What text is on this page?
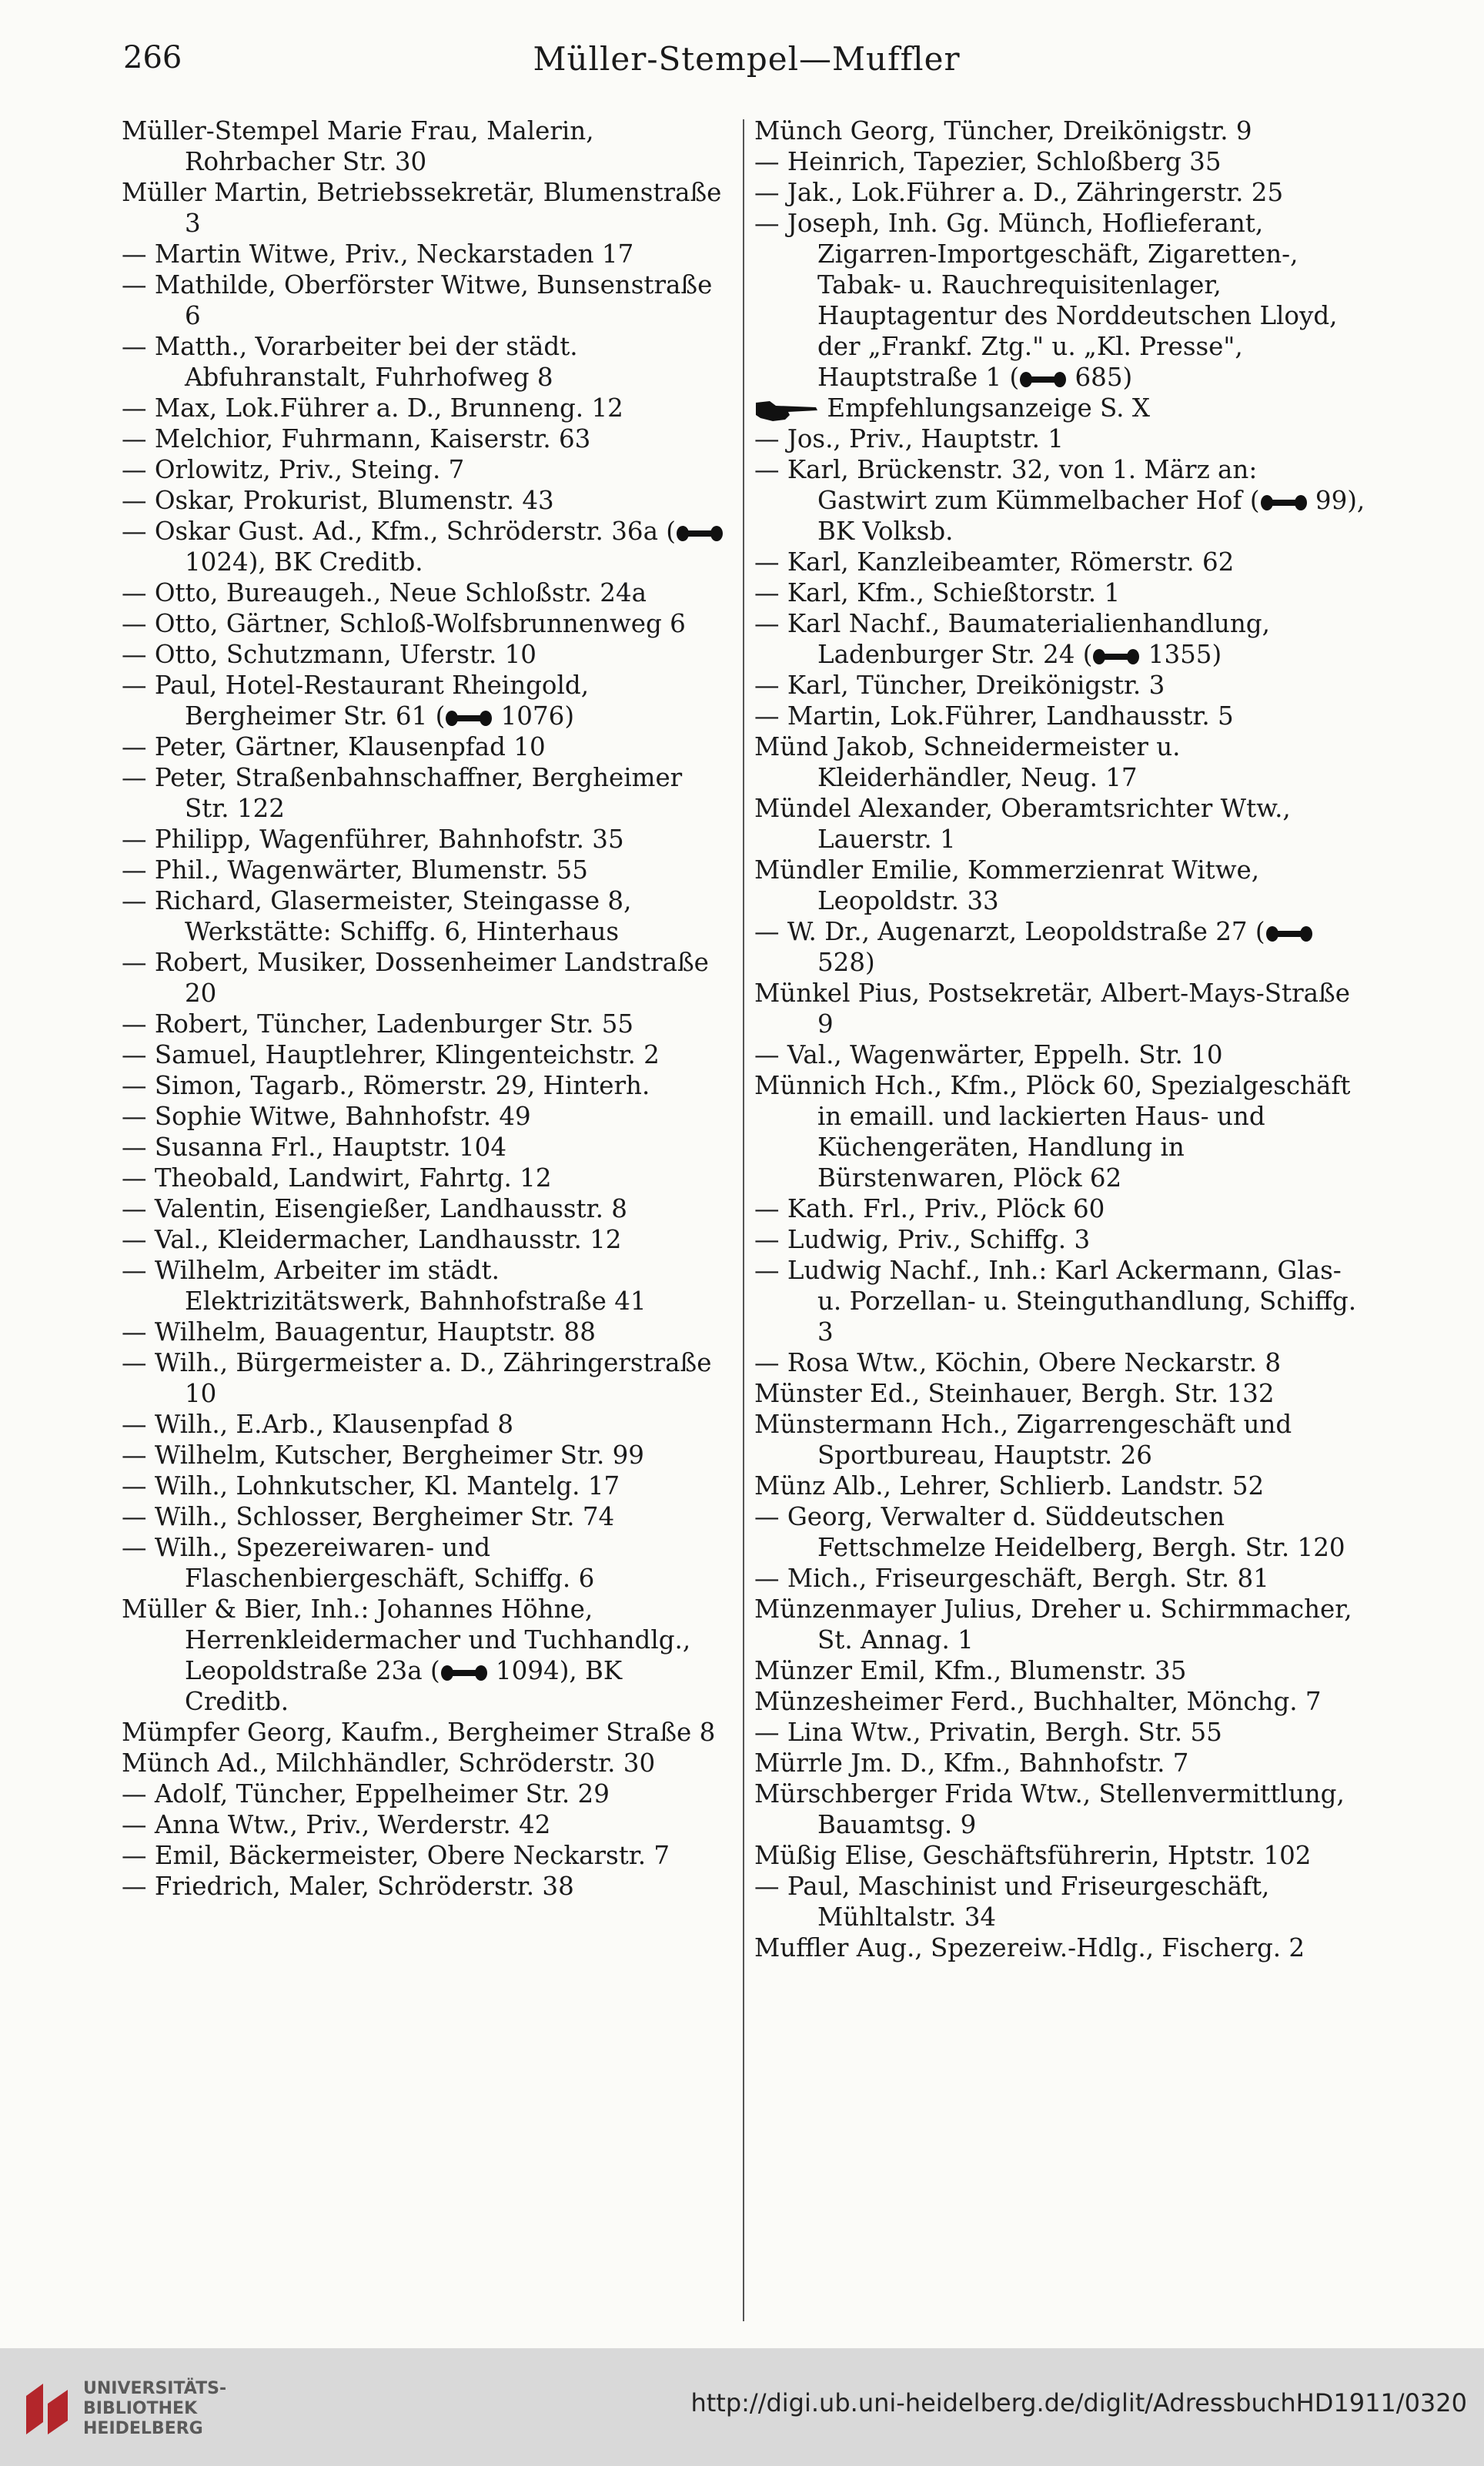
266	Müller-Stempel—Muffler

Müller-Stempel Marie Frau, Malerin, Rohrbacher Str. 30

Müller Martin, Betriebssekretär, Blumenstraße 3

— Martin Witwe, Priv., Neckarstaden 17

— Mathilde, Oberförster Witwe, Bunsenstraße 6

— Matth., Vorarbeiter bei der städt. Abfuhranstalt, Fuhrhofweg 8

— Max, Lok.Führer a. D., Brunneng. 12

— Melchior, Fuhrmann, Kaiserstr. 63

— Orlowitz, Priv., Steing. 7

— Oskar, Prokurist, Blumenstr. 43

— Oskar Gust. Ad., Kfm., Schröderstr. 36a ( 1024), BK Creditb.

— Otto, Bureaugeh., Neue Schloßstr. 24a

— Otto, Gärtner, Schloß-Wolfsbrunnenweg 6

— Otto, Schutzmann, Uferstr. 10

— Paul, Hotel-Restaurant Rheingold, Bergheimer Str. 61 ( 1076)

— Peter, Gärtner, Klausenpfad 10

— Peter, Straßenbahnschaffner, Bergheimer Str. 122

— Philipp, Wagenführer, Bahnhofstr. 35

— Phil., Wagenwärter, Blumenstr. 55

— Richard, Glasermeister, Steingasse 8, Werkstätte: Schiffg. 6, Hinterhaus

— Robert, Musiker, Dossenheimer Landstraße 20

— Robert, Tüncher, Ladenburger Str. 55

— Samuel, Hauptlehrer, Klingenteichstr. 2

— Simon, Tagarb., Römerstr. 29, Hinterh.

— Sophie Witwe, Bahnhofstr. 49

— Susanna Frl., Hauptstr. 104

— Theobald, Landwirt, Fahrtg. 12

— Valentin, Eisengießer, Landhausstr. 8

— Val., Kleidermacher, Landhausstr. 12

— Wilhelm, Arbeiter im städt. Elektrizitätswerk, Bahnhofstraße 41

— Wilhelm, Bauagentur, Hauptstr. 88

— Wilh., Bürgermeister a. D., Zähringerstraße 10

— Wilh., E.Arb., Klausenpfad 8

— Wilhelm, Kutscher, Bergheimer Str. 99

— Wilh., Lohnkutscher, Kl. Mantelg. 17

— Wilh., Schlosser, Bergheimer Str. 74

— Wilh., Spezereiwaren- und Flaschenbiergeschäft, Schiffg. 6

Müller & Bier, Inh.: Johannes Höhne, Herrenkleidermacher und Tuchhandlg., Leopoldstraße 23a ( 1094), BK Creditb.

Mümpfer Georg, Kaufm., Bergheimer Straße 8

Münch Ad., Milchhändler, Schröderstr. 30

— Adolf, Tüncher, Eppelheimer Str. 29

— Anna Wtw., Priv., Werderstr. 42

— Emil, Bäckermeister, Obere Neckarstr. 7

— Friedrich, Maler, Schröderstr. 38

Münch Georg, Tüncher, Dreikönigstr. 9

— Heinrich, Tapezier, Schloßberg 35

— Jak., Lok.Führer a. D., Zähringerstr. 25

— Joseph, Inh. Gg. Münch, Hoflieferant, Zigarren-Importgeschäft, Zigaretten-, Tabak- u. Rauchrequisitenlager, Hauptagentur des Norddeutschen Lloyd, der „Frankf. Ztg." u. „Kl. Presse", Hauptstraße 1 ( 685)

Empfehlungsanzeige S. X

— Jos., Priv., Hauptstr. 1

— Karl, Brückenstr. 32, von 1. März an: Gastwirt zum Kümmelbacher Hof ( 99), BK Volksb.

— Karl, Kanzleibeamter, Römerstr. 62

— Karl, Kfm., Schießtorstr. 1

— Karl Nachf., Baumaterialienhandlung, Ladenburger Str. 24 ( 1355)

— Karl, Tüncher, Dreikönigstr. 3

— Martin, Lok.Führer, Landhausstr. 5

Münd Jakob, Schneidermeister u. Kleiderhändler, Neug. 17

Mündel Alexander, Oberamtsrichter Wtw., Lauerstr. 1

Mündler Emilie, Kommerzienrat Witwe, Leopoldstr. 33

— W. Dr., Augenarzt, Leopoldstraße 27 ( 528)

Münkel Pius, Postsekretär, Albert-Mays-Straße 9

— Val., Wagenwärter, Eppelh. Str. 10

Münnich Hch., Kfm., Plöck 60, Spezialgeschäft in emaill. und lackierten Haus- und Küchengeräten, Handlung in Bürstenwaren, Plöck 62

— Kath. Frl., Priv., Plöck 60

— Ludwig, Priv., Schiffg. 3

— Ludwig Nachf., Inh.: Karl Ackermann, Glas- u. Porzellan- u. Steinguthandlung, Schiffg. 3

— Rosa Wtw., Köchin, Obere Neckarstr. 8

Münster Ed., Steinhauer, Bergh. Str. 132

Münstermann Hch., Zigarrengeschäft und Sportbureau, Hauptstr. 26

Münz Alb., Lehrer, Schlierb. Landstr. 52

— Georg, Verwalter d. Süddeutschen Fettschmelze Heidelberg, Bergh. Str. 120

— Mich., Friseurgeschäft, Bergh. Str. 81

Münzenmayer Julius, Dreher u. Schirmmacher, St. Annag. 1

Münzer Emil, Kfm., Blumenstr. 35

Münzesheimer Ferd., Buchhalter, Mönchg. 7

— Lina Wtw., Privatin, Bergh. Str. 55

Mürrle Jm. D., Kfm., Bahnhofstr. 7

Mürschberger Frida Wtw., Stellenvermittlung, Bauamtsg. 9

Müßig Elise, Geschäftsführerin, Hptstr. 102

— Paul, Maschinist und Friseurgeschäft, Mühltalstr. 34

Muffler Aug., Spezereiw.-Hdlg., Fischerg. 2

UNIVERSITÄTS-
BIBLIOTHEK
HEIDELBERG
http://digi.ub.uni-heidelberg.de/diglit/AdressbuchHD1911/0320
